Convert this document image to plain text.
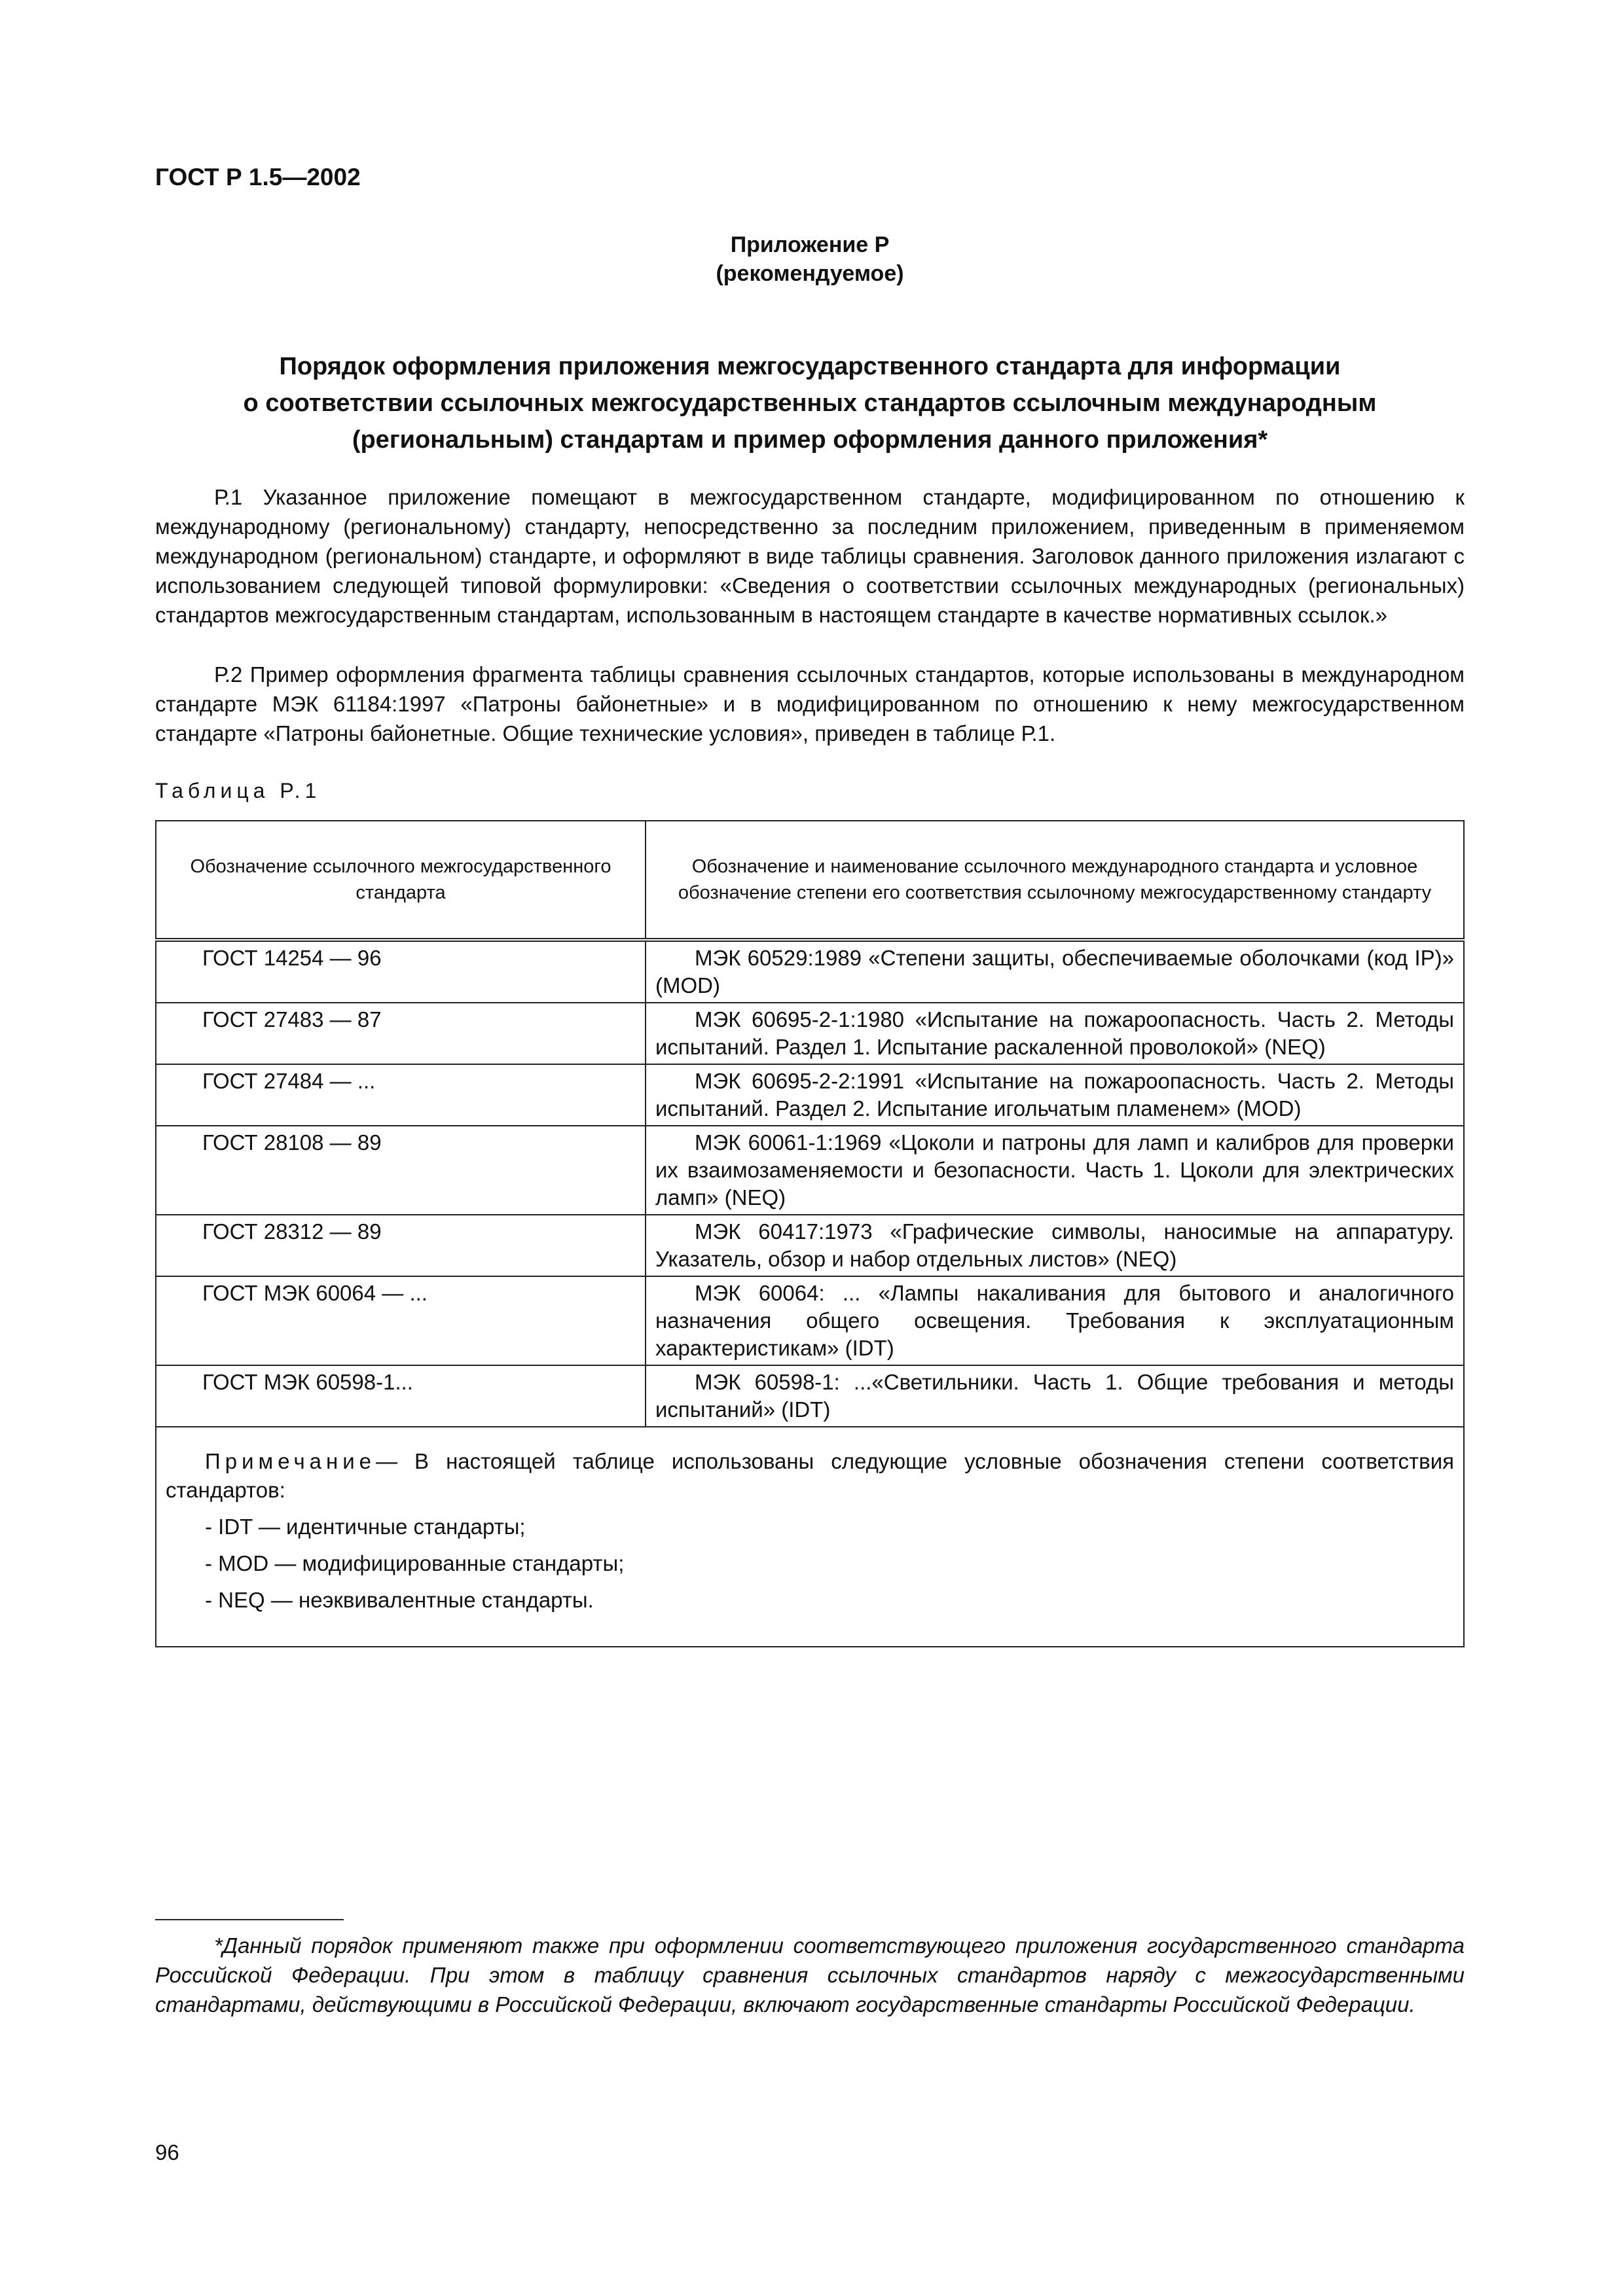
ГОСТ Р 1.5—2002
Приложение Р
(рекомендуемое)
Порядок оформления приложения межгосударственного стандарта для информации
о соответствии ссылочных межгосударственных стандартов ссылочным международным
(региональным) стандартам и пример оформления данного приложения*
Р.1 Указанное приложение помещают в межгосударственном стандарте, модифицированном по отношению к международному (региональному) стандарту, непосредственно за последним приложением, приведенным в применяемом международном (региональном) стандарте, и оформляют в виде таблицы сравнения. Заголовок данного приложения излагают с использованием следующей типовой формулировки: «Сведения о соответствии ссылочных международных (региональных) стандартов межгосударственным стандартам, использованным в настоящем стандарте в качестве нормативных ссылок.»
Р.2 Пример оформления фрагмента таблицы сравнения ссылочных стандартов, которые использованы в международном стандарте МЭК 61184:1997 «Патроны байонетные» и в модифицированном по отношению к нему межгосударственном стандарте «Патроны байонетные. Общие технические условия», приведен в таблице Р.1.
Таблица Р.1
Обозначение ссылочного межгосударственного стандарта	Обозначение и наименование ссылочного международного стандарта и условное обозначение степени его соответствия ссылочному межгосударственному стандарту
ГОСТ 14254 — 96	МЭК 60529:1989 «Степени защиты, обеспечиваемые оболочками (код IP)» (MOD)
ГОСТ 27483 — 87	МЭК 60695-2-1:1980 «Испытание на пожароопасность. Часть 2. Методы испытаний. Раздел 1. Испытание раскаленной проволокой» (NEQ)
ГОСТ 27484 — ...	МЭК 60695-2-2:1991 «Испытание на пожароопасность. Часть 2. Методы испытаний. Раздел 2. Испытание игольчатым пламенем» (MOD)
ГОСТ 28108 — 89	МЭК 60061-1:1969 «Цоколи и патроны для ламп и калибров для проверки их взаимозаменяемости и безопасности. Часть 1. Цоколи для электрических ламп» (NEQ)
ГОСТ 28312 — 89	МЭК 60417:1973 «Графические символы, наносимые на аппаратуру. Указатель, обзор и набор отдельных листов» (NEQ)
ГОСТ МЭК 60064 — ...	МЭК 60064: ... «Лампы накаливания для бытового и аналогичного назначения общего освещения. Требования к эксплуатационным характеристикам» (IDT)
ГОСТ МЭК 60598-1...	МЭК 60598-1: ...«Светильники. Часть 1. Общие требования и методы испытаний» (IDT)

Примечание— В настоящей таблице использованы следующие условные обозначения степени соответствия стандартов:
- IDT — идентичные стандарты;
- MOD — модифицированные стандарты;
- NEQ — неэквивалентные стандарты.	
*Данный порядок применяют также при оформлении соответствующего приложения государственного стандарта Российской Федерации. При этом в таблицу сравнения ссылочных стандартов наряду с межгосударственными стандартами, действующими в Российской Федерации, включают государственные стандарты Российской Федерации.
96
